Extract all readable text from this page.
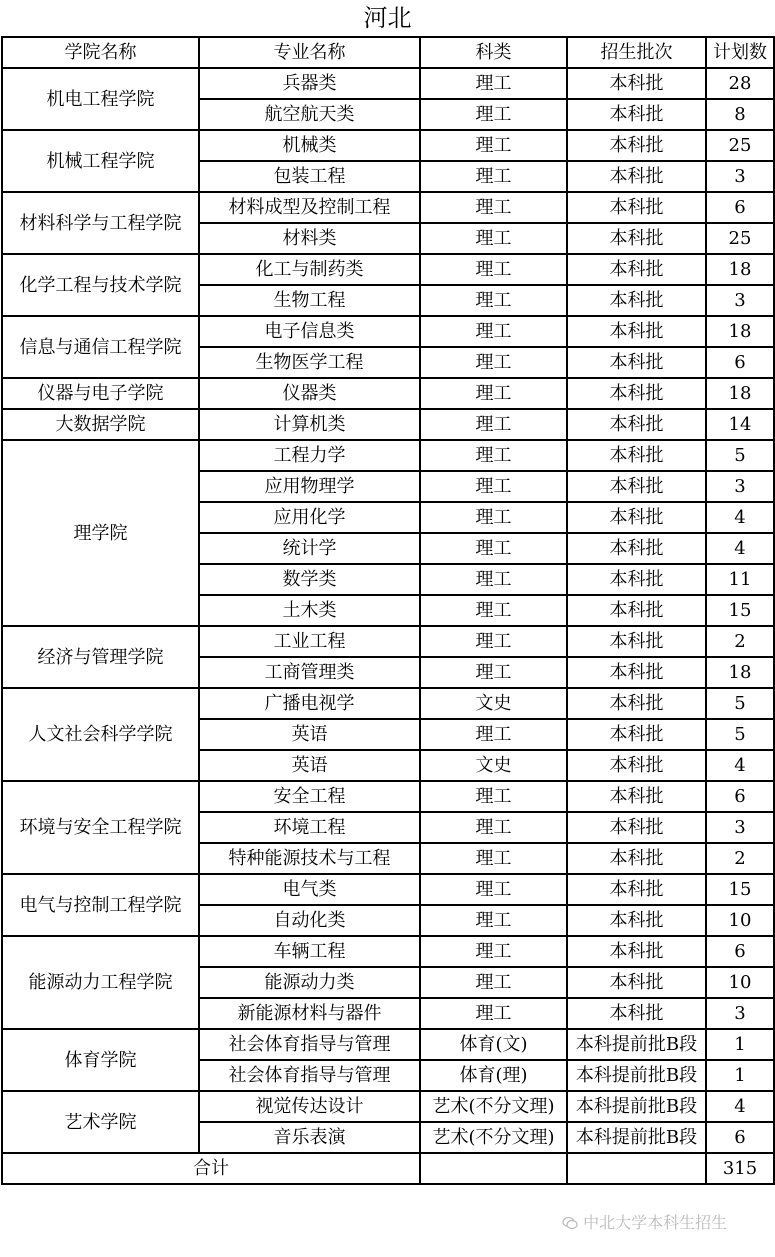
河北
学院名称	专业名称	科类	招生批次	计划数
机电工程学院	兵器类	理工	本科批	28
	航空航天类	理工	本科批	8
机械工程学院	机械类	理工	本科批	25
	包装工程	理工	本科批	3
材料科学与工程学院	材料成型及控制工程	理工	本科批	6
	材料类	理工	本科批	25
化学工程与技术学院	化工与制药类	理工	本科批	18
	生物工程	理工	本科批	3
信息与通信工程学院	电子信息类	理工	本科批	18
	生物医学工程	理工	本科批	6
仪器与电子学院	仪器类	理工	本科批	18
大数据学院	计算机类	理工	本科批	14
理学院	工程力学	理工	本科批	5
	应用物理学	理工	本科批	3
	应用化学	理工	本科批	4
	统计学	理工	本科批	4
	数学类	理工	本科批	11
	土木类	理工	本科批	15
经济与管理学院	工业工程	理工	本科批	2
	工商管理类	理工	本科批	18
人文社会科学学院	广播电视学	文史	本科批	5
	英语	理工	本科批	5
	英语	文史	本科批	4
环境与安全工程学院	安全工程	理工	本科批	6
	环境工程	理工	本科批	3
	特种能源技术与工程	理工	本科批	2
电气与控制工程学院	电气类	理工	本科批	15
	自动化类	理工	本科批	10
能源动力工程学院	车辆工程	理工	本科批	6
	能源动力类	理工	本科批	10
	新能源材料与器件	理工	本科批	3
体育学院	社会体育指导与管理	体育(文)	本科提前批B段	1
	社会体育指导与管理	体育(理)	本科提前批B段	1
艺术学院	视觉传达设计	艺术(不分文理)	本科提前批B段	4
	音乐表演	艺术(不分文理)	本科提前批B段	6
合计				315
中北大学本科生招生
